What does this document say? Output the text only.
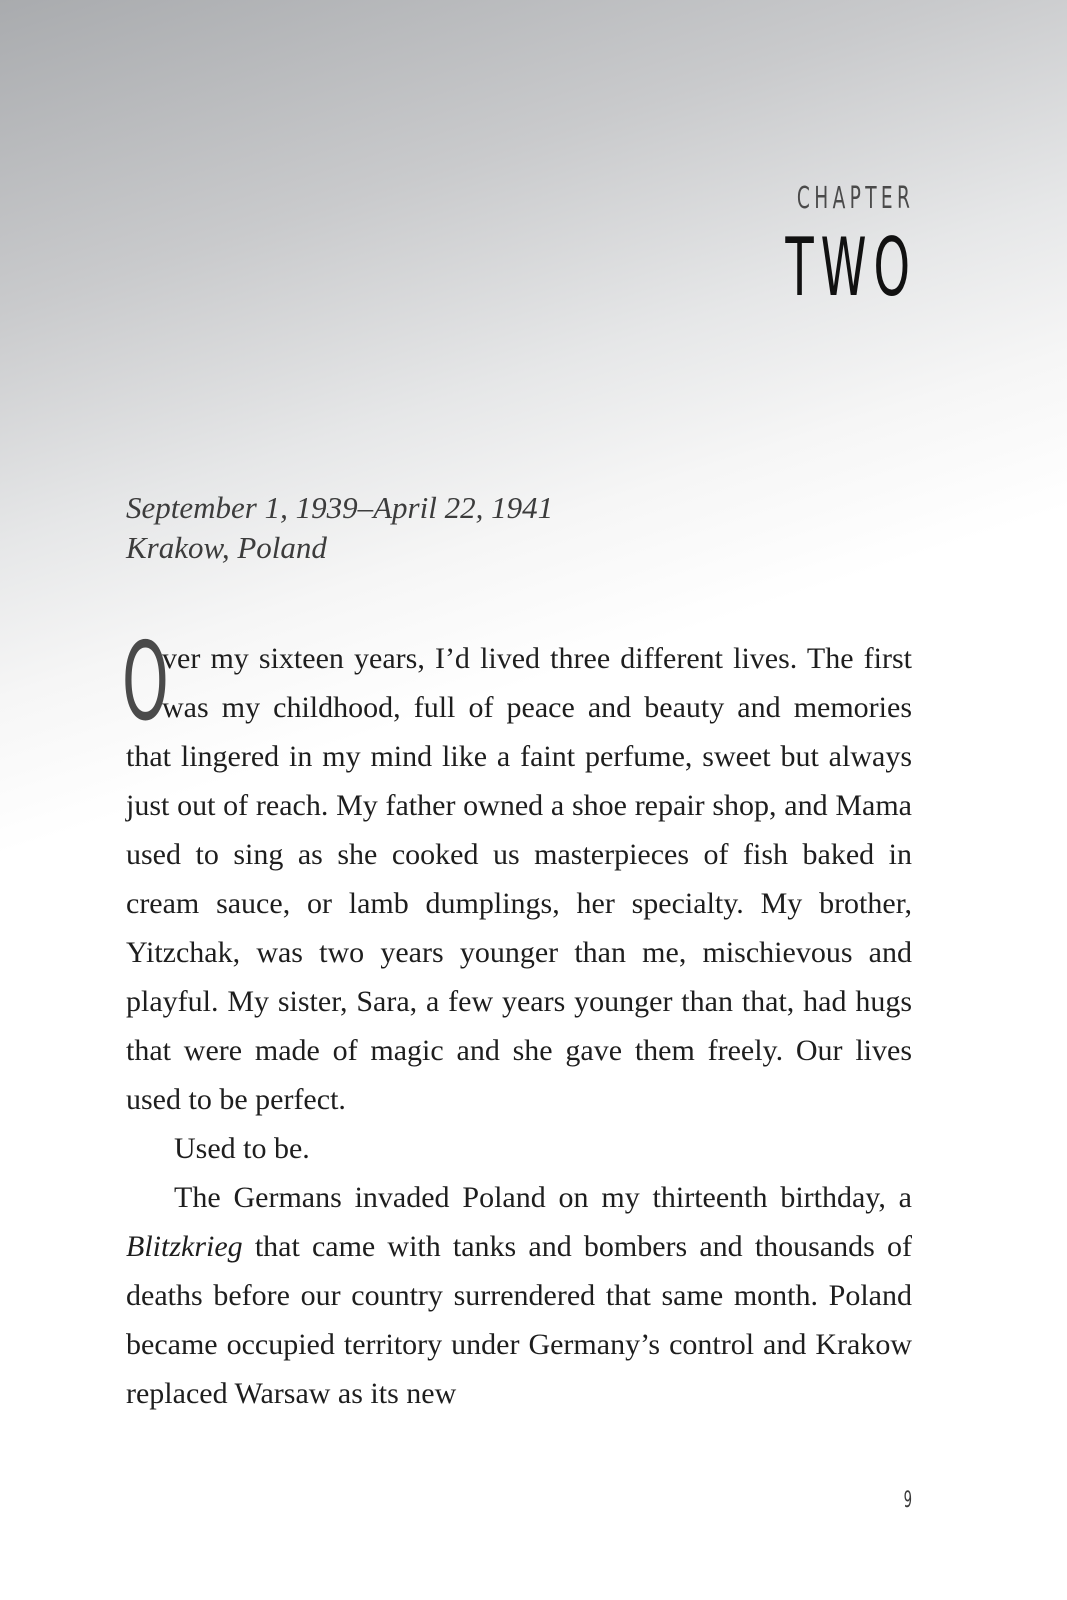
CHAPTER
TWO
September 1, 1939–April 22, 1941
Krakow, Poland

O
ver my sixteen years, I’d lived three different lives. The first was my childhood, full of peace and beauty and memories that lingered in my mind like a faint perfume, sweet but always just out of reach. My father owned a shoe repair shop, and Mama used to sing as she cooked us masterpieces of fish baked in cream sauce, or lamb dumplings, her specialty. My brother, Yitzchak, was two years younger than me, mischievous and playful. My sister, Sara, a few years younger than that, had hugs that were made of magic and she gave them freely. Our lives used to be perfect.

Used to be.

The Germans invaded Poland on my thirteenth birthday, a Blitzkrieg that came with tanks and bombers and thousands of deaths before our country surrendered that same month. Poland became occupied territory under Germany’s control and Krakow replaced Warsaw as its new

9
